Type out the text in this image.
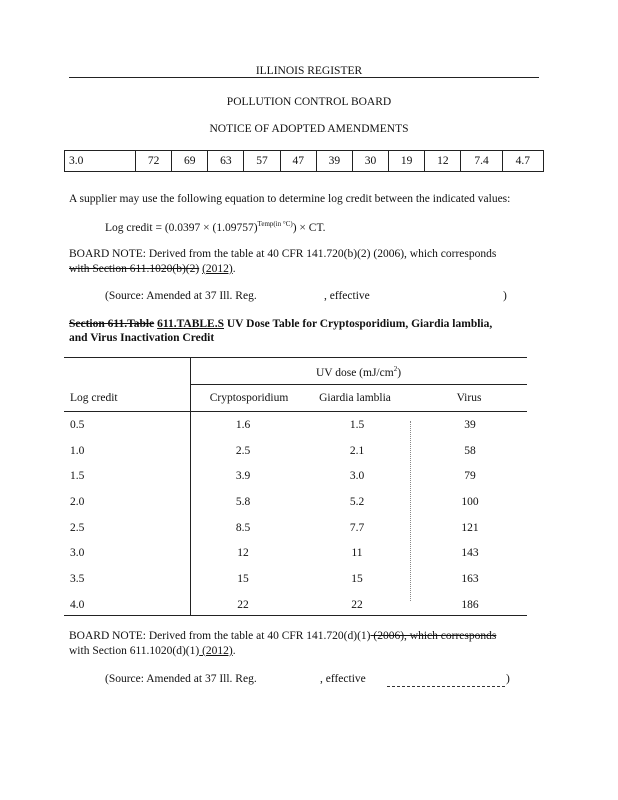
ILLINOIS REGISTER
POLLUTION CONTROL BOARD
NOTICE OF ADOPTED AMENDMENTS
3.0	72	69	63	57	47	39	30	19	12	7.4	4.7
A supplier may use the following equation to determine log credit between the indicated values:
Log credit = $(0.0397 \times (1.09757)^{Temp(in ^\circ C)})$ × CT.
BOARD NOTE: Derived from the table at 40 CFR 141.720(b)(2) (2006), which corresponds
with Section 611.1020(b)(2) (2012).
(Source: Amended at 37 Ill. Reg.	, effective	)
Section 611.Table 611.TABLE.S UV Dose Table for Cryptosporidium, Giardia lamblia,
and Virus Inactivation Credit
UV dose $(mJ/cm^2)$
Log credit	Cryptosporidium	Giardia lamblia	Virus
0.5	1.6	1.5	39
1.0	2.5	2.1	58
1.5	3.9	3.0	79
2.0	5.8	5.2	100
2.5	8.5	7.7	121
3.0	12	11	143
3.5	15	15	163
4.0	22	22	186
BOARD NOTE: Derived from the table at 40 CFR 141.720(d)(1) (2006), which corresponds
with Section 611.1020(d)(1) (2012).
(Source: Amended at 37 Ill. Reg.	, effective	)
